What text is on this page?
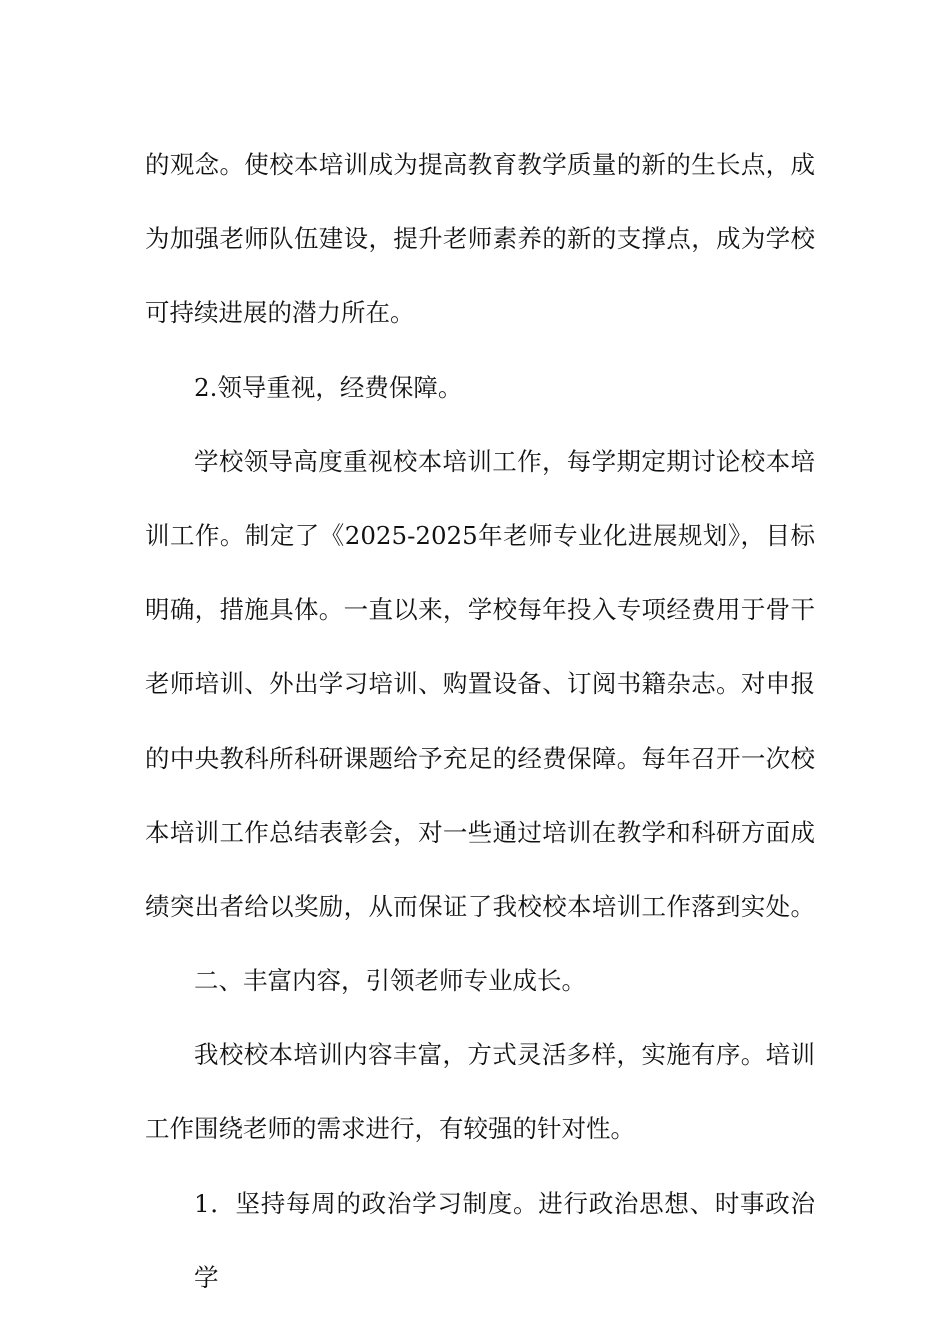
的观念。使校本培训成为提高教育教学质量的新的生长点，成
为加强老师队伍建设，提升老师素养的新的支撑点，成为学校
可持续进展的潜力所在。
2.领导重视，经费保障。
学校领导高度重视校本培训工作，每学期定期讨论校本培
训工作。制定了《2025-2025年老师专业化进展规划》，目标
明确，措施具体。一直以来，学校每年投入专项经费用于骨干
老师培训、外出学习培训、购置设备、订阅书籍杂志。对申报
的中央教科所科研课题给予充足的经费保障。每年召开一次校
本培训工作总结表彰会，对一些通过培训在教学和科研方面成
绩突出者给以奖励，从而保证了我校校本培训工作落到实处。
二、丰富内容，引领老师专业成长。
我校校本培训内容丰富，方式灵活多样，实施有序。培训
工作围绕老师的需求进行，有较强的针对性。
1．坚持每周的政治学习制度。进行政治思想、时事政治学
